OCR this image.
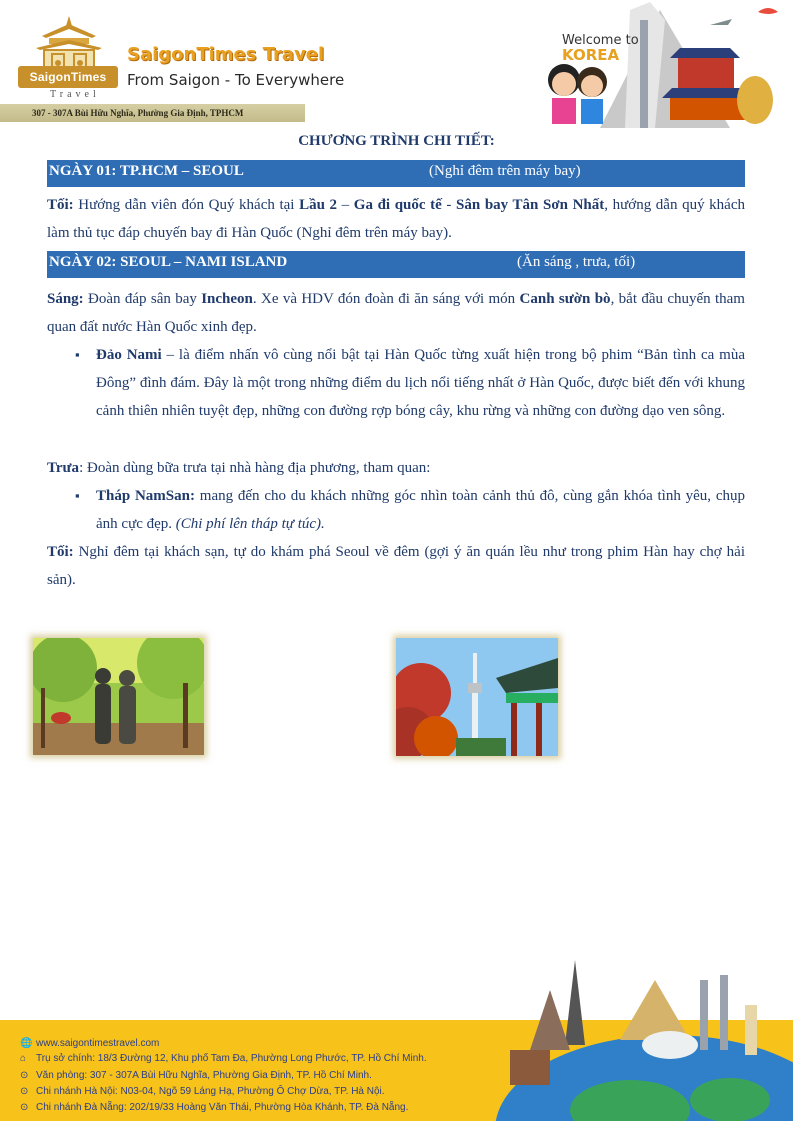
SaigonTimes
Travel
SaigonTimes Travel
From Saigon - To Everywhere
307 - 307A Bùi Hữu Nghĩa, Phường Gia Định, TPHCM
Welcome to
KOREA
CHƯƠNG TRÌNH CHI TIẾT:
NGÀY 01: TP.HCM – SEOUL	(Nghỉ đêm trên máy bay)
Tối: Hướng dẫn viên đón Quý khách tại Lầu 2 – Ga đi quốc tế - Sân bay Tân Sơn Nhất, hướng dẫn quý khách làm thủ tục đáp chuyến bay đi Hàn Quốc (Nghỉ đêm trên máy bay).
NGÀY 02: SEOUL – NAMI ISLAND	(Ăn sáng , trưa, tối)
Sáng: Đoàn đáp sân bay Incheon. Xe và HDV đón đoàn đi ăn sáng với món Canh sườn bò, bắt đầu chuyến tham quan đất nước Hàn Quốc xinh đẹp.
▪ Đảo Nami – là điểm nhấn vô cùng nổi bật tại Hàn Quốc từng xuất hiện trong bộ phim “Bản tình ca mùa Đông” đình đám. Đây là một trong những điểm du lịch nổi tiếng nhất ở Hàn Quốc, được biết đến với khung cảnh thiên nhiên tuyệt đẹp, những con đường rợp bóng cây, khu rừng và những con đường dạo ven sông.
Trưa: Đoàn dùng bữa trưa tại nhà hàng địa phương, tham quan:
▪ Tháp NamSan: mang đến cho du khách những góc nhìn toàn cảnh thủ đô, cùng gắn khóa tình yêu, chụp ảnh cực đẹp. (Chi phí lên tháp tự túc).
Tối: Nghỉ đêm tại khách sạn, tự do khám phá Seoul về đêm (gợi ý ăn quán lều như trong phim Hàn hay chợ hải sản).
🌐 www.saigontimestravel.com
⌂ Trụ sở chính: 18/3 Đường 12, Khu phố Tam Đa, Phường Long Phước, TP. Hồ Chí Minh.
⊙ Văn phòng: 307 - 307A Bùi Hữu Nghĩa, Phường Gia Định, TP. Hồ Chí Minh.
⊙ Chi nhánh Hà Nội: N03-04, Ngõ 59 Láng Hạ, Phường Ô Chợ Dừa, TP. Hà Nội.
⊙ Chi nhánh Đà Nẵng: 202/19/33 Hoàng Văn Thái, Phường Hòa Khánh, TP. Đà Nẵng.
